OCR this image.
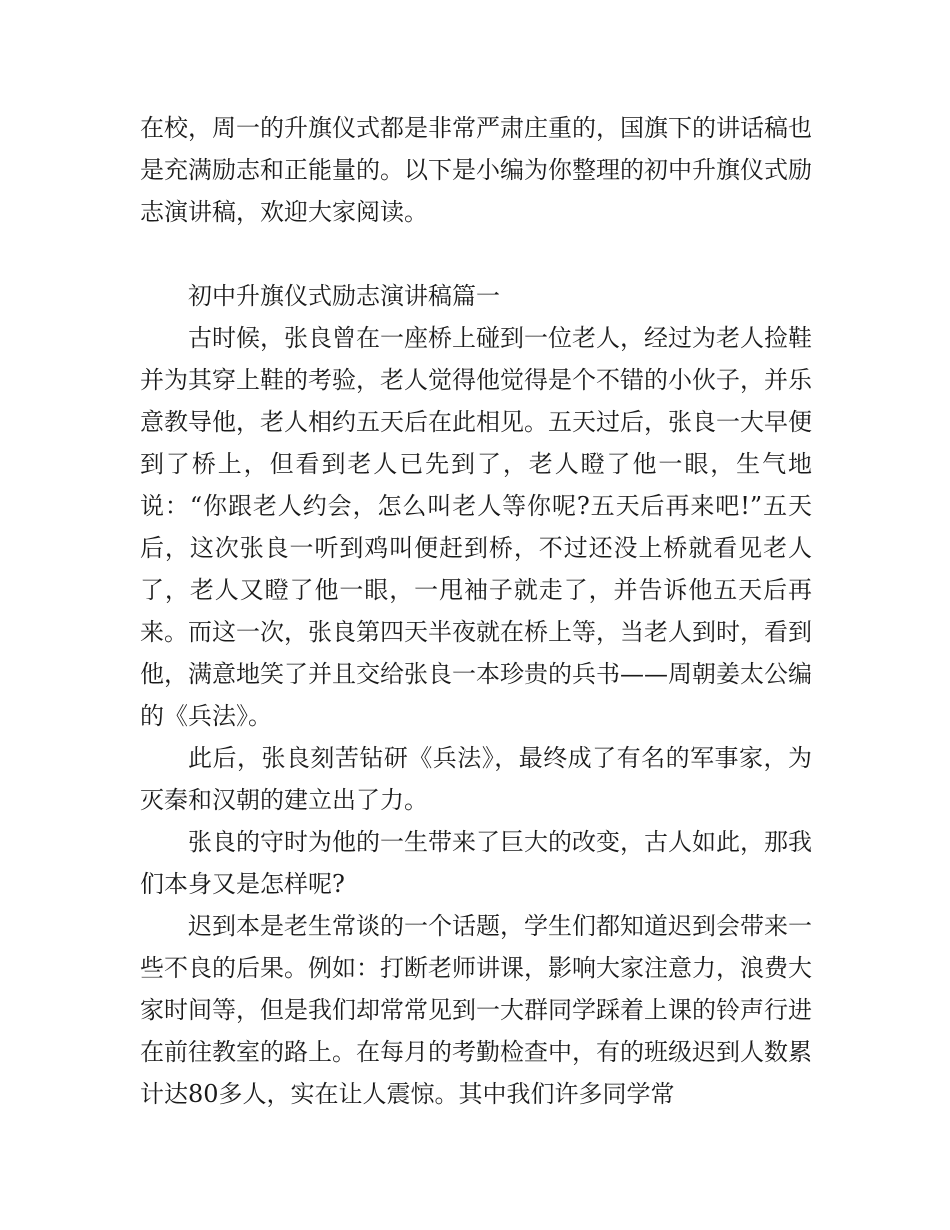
在校，周一的升旗仪式都是非常严肃庄重的，国旗下的讲话稿也是充满励志和正能量的。以下是小编为你整理的初中升旗仪式励志演讲稿，欢迎大家阅读。

初中升旗仪式励志演讲稿篇一

古时候，张良曾在一座桥上碰到一位老人，经过为老人捡鞋并为其穿上鞋的考验，老人觉得他觉得是个不错的小伙子，并乐意教导他，老人相约五天后在此相见。五天过后，张良一大早便到了桥上，但看到老人已先到了，老人瞪了他一眼，生气地说：“你跟老人约会，怎么叫老人等你呢?五天后再来吧!”五天后，这次张良一听到鸡叫便赶到桥，不过还没上桥就看见老人了，老人又瞪了他一眼，一甩袖子就走了，并告诉他五天后再来。而这一次，张良第四天半夜就在桥上等，当老人到时，看到他，满意地笑了并且交给张良一本珍贵的兵书——周朝姜太公编的《兵法》。

此后，张良刻苦钻研《兵法》，最终成了有名的军事家，为灭秦和汉朝的建立出了力。

张良的守时为他的一生带来了巨大的改变，古人如此，那我们本身又是怎样呢?

迟到本是老生常谈的一个话题，学生们都知道迟到会带来一些不良的后果。例如：打断老师讲课，影响大家注意力，浪费大家时间等，但是我们却常常见到一大群同学踩着上课的铃声行进在前往教室的路上。在每月的考勤检查中，有的班级迟到人数累计达80多人，实在让人震惊。其中我们许多同学常
